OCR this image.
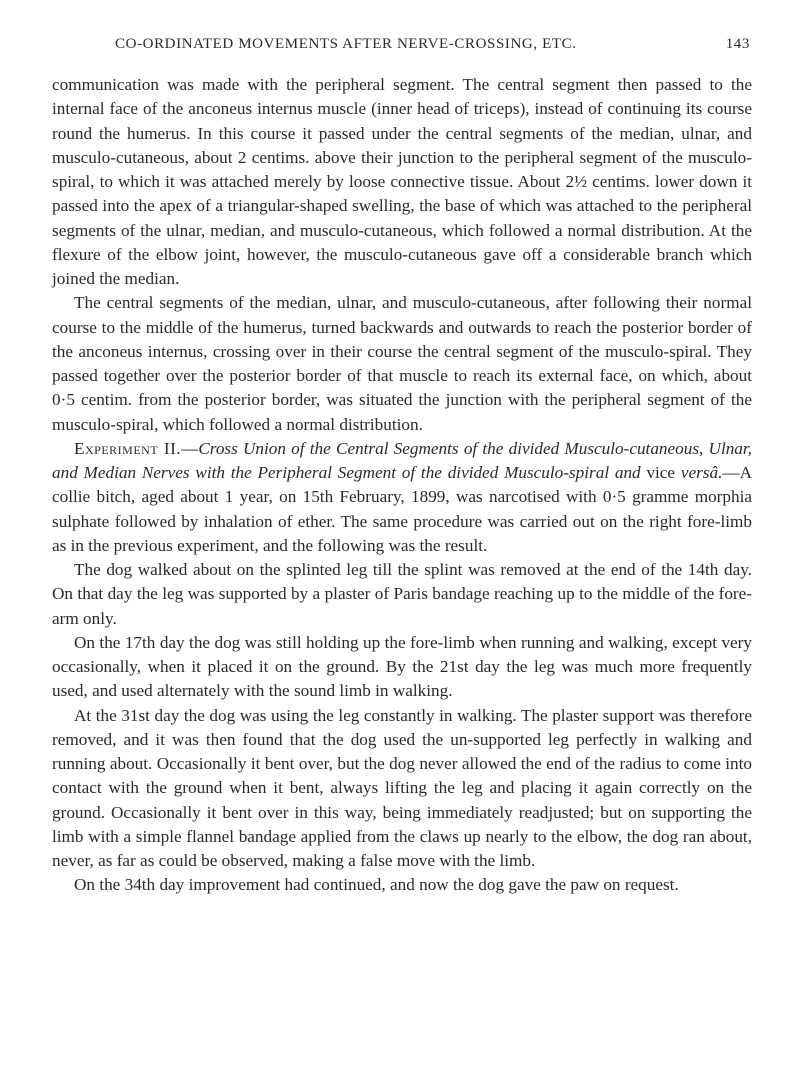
CO-ORDINATED MOVEMENTS AFTER NERVE-CROSSING, ETC.	143

communication was made with the peripheral segment. The central segment then passed to the internal face of the anconeus internus muscle (inner head of triceps), instead of continuing its course round the humerus. In this course it passed under the central segments of the median, ulnar, and musculo-cutaneous, about 2 centims. above their junction to the peripheral segment of the musculo-spiral, to which it was attached merely by loose connective tissue. About 2½ centims. lower down it passed into the apex of a triangular-shaped swelling, the base of which was attached to the peripheral segments of the ulnar, median, and musculo-cutaneous, which followed a normal distribution. At the flexure of the elbow joint, however, the musculo-cutaneous gave off a considerable branch which joined the median.

The central segments of the median, ulnar, and musculo-cutaneous, after following their normal course to the middle of the humerus, turned backwards and outwards to reach the posterior border of the anconeus internus, crossing over in their course the central segment of the musculo-spiral. They passed together over the posterior border of that muscle to reach its external face, on which, about 0·5 centim. from the posterior border, was situated the junction with the peripheral segment of the musculo-spiral, which followed a normal distribution.

Experiment II.—Cross Union of the Central Segments of the divided Musculo-cutaneous, Ulnar, and Median Nerves with the Peripheral Segment of the divided Musculo-spiral and vice versâ.—A collie bitch, aged about 1 year, on 15th February, 1899, was narcotised with 0·5 gramme morphia sulphate followed by inhalation of ether. The same procedure was carried out on the right fore-limb as in the previous experiment, and the following was the result.

The dog walked about on the splinted leg till the splint was removed at the end of the 14th day. On that day the leg was supported by a plaster of Paris bandage reaching up to the middle of the fore-arm only.

On the 17th day the dog was still holding up the fore-limb when running and walking, except very occasionally, when it placed it on the ground. By the 21st day the leg was much more frequently used, and used alternately with the sound limb in walking.

At the 31st day the dog was using the leg constantly in walking. The plaster support was therefore removed, and it was then found that the dog used the un-supported leg perfectly in walking and running about. Occasionally it bent over, but the dog never allowed the end of the radius to come into contact with the ground when it bent, always lifting the leg and placing it again correctly on the ground. Occasionally it bent over in this way, being immediately readjusted; but on supporting the limb with a simple flannel bandage applied from the claws up nearly to the elbow, the dog ran about, never, as far as could be observed, making a false move with the limb.

On the 34th day improvement had continued, and now the dog gave the paw on request.
